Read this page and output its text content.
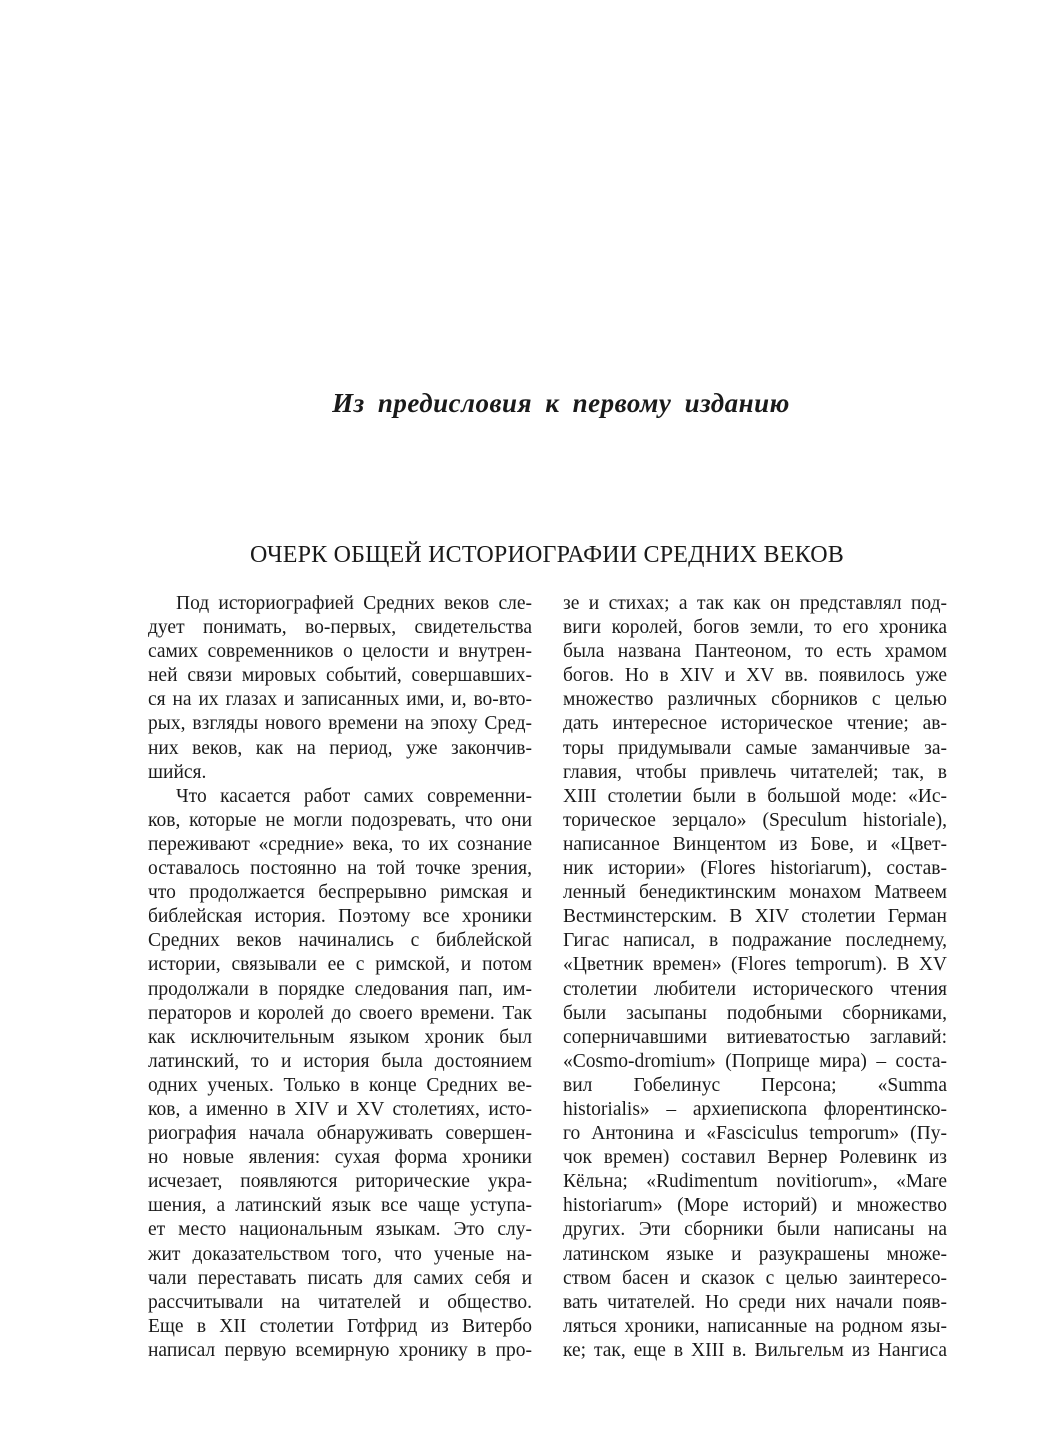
Из предисловия к первому изданию
ОЧЕРК ОБЩЕЙ ИСТОРИОГРАФИИ СРЕДНИХ ВЕКОВ
Под историографией Средних веков сле-
дует понимать, во-первых, свидетельства
самих современников о целости и внутрен-
ней связи мировых событий, совершавших-
ся на их глазах и записанных ими, и, во-вто-
рых, взгляды нового времени на эпоху Сред-
них веков, как на период, уже закончив-
шийся.
Что касается работ самих современни-
ков, которые не могли подозревать, что они
переживают «средние» века, то их сознание
оставалось постоянно на той точке зрения,
что продолжается беспрерывно римская и
библейская история. Поэтому все хроники
Средних веков начинались с библейской
истории, связывали ее с римской, и потом
продолжали в порядке следования пап, им-
ператоров и королей до своего времени. Так
как исключительным языком хроник был
латинский, то и история была достоянием
одних ученых. Только в конце Средних ве-
ков, а именно в XIV и XV столетиях, исто-
риография начала обнаруживать совершен-
но новые явления: сухая форма хроники
исчезает, появляются риторические укра-
шения, а латинский язык все чаще уступа-
ет место национальным языкам. Это слу-
жит доказательством того, что ученые на-
чали переставать писать для самих себя и
рассчитывали на читателей и общество.
Еще в XII столетии Готфрид из Витербо
написал первую всемирную хронику в про-
зе и стихах; а так как он представлял под-
виги королей, богов земли, то его хроника
была названа Пантеоном, то есть храмом
богов. Но в XIV и XV вв. появилось уже
множество различных сборников с целью
дать интересное историческое чтение; ав-
торы придумывали самые заманчивые за-
главия, чтобы привлечь читателей; так, в
XIII столетии были в большой моде: «Ис-
торическое зерцало» (Speculum historiale),
написанное Винцентом из Бове, и «Цвет-
ник истории» (Flores historiarum), состав-
ленный бенедиктинским монахом Матвеем
Вестминстерским. В XIV столетии Герман
Гигас написал, в подражание последнему,
«Цветник времен» (Flores temporum). В XV
столетии любители исторического чтения
были засыпаны подобными сборниками,
соперничавшими витиеватостью заглавий:
«Cosmo-dromium» (Поприще мира) – соста-
вил Гобелинус Персона; «Summa
historialis» – архиепископа флорентинско-
го Антонина и «Fasciculus temporum» (Пу-
чок времен) составил Вернер Ролевинк из
Кёльна; «Rudimentum novitiorum», «Mare
historiarum» (Море историй) и множество
других. Эти сборники были написаны на
латинском языке и разукрашены множе-
ством басен и сказок с целью заинтересо-
вать читателей. Но среди них начали появ-
ляться хроники, написанные на родном язы-
ке; так, еще в XIII в. Вильгельм из Нангиса
